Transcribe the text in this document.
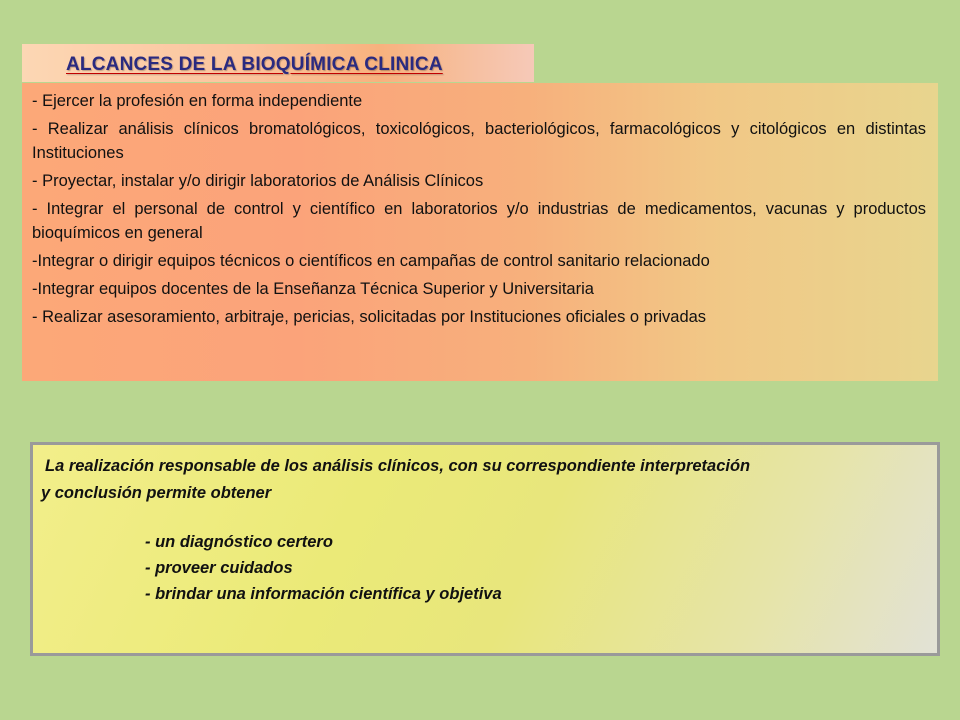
ALCANCES DE LA BIOQUÍMICA CLINICA

- Ejercer la profesión en forma independiente

- Realizar análisis clínicos bromatológicos, toxicológicos, bacteriológicos, farmacológicos y citológicos en distintas Instituciones

- Proyectar, instalar y/o dirigir laboratorios de Análisis Clínicos

- Integrar el personal de control y científico en laboratorios y/o industrias de medicamentos, vacunas y productos bioquímicos en general

-Integrar o dirigir equipos técnicos o científicos en campañas de control sanitario relacionado

-Integrar equipos docentes de la Enseñanza Técnica Superior y Universitaria

- Realizar asesoramiento, arbitraje, pericias, solicitadas por Instituciones oficiales o privadas

La realización responsable de los análisis clínicos, con su correspondiente interpretación
y conclusión permite obtener
- un diagnóstico certero
- proveer cuidados
- brindar una información científica y objetiva
